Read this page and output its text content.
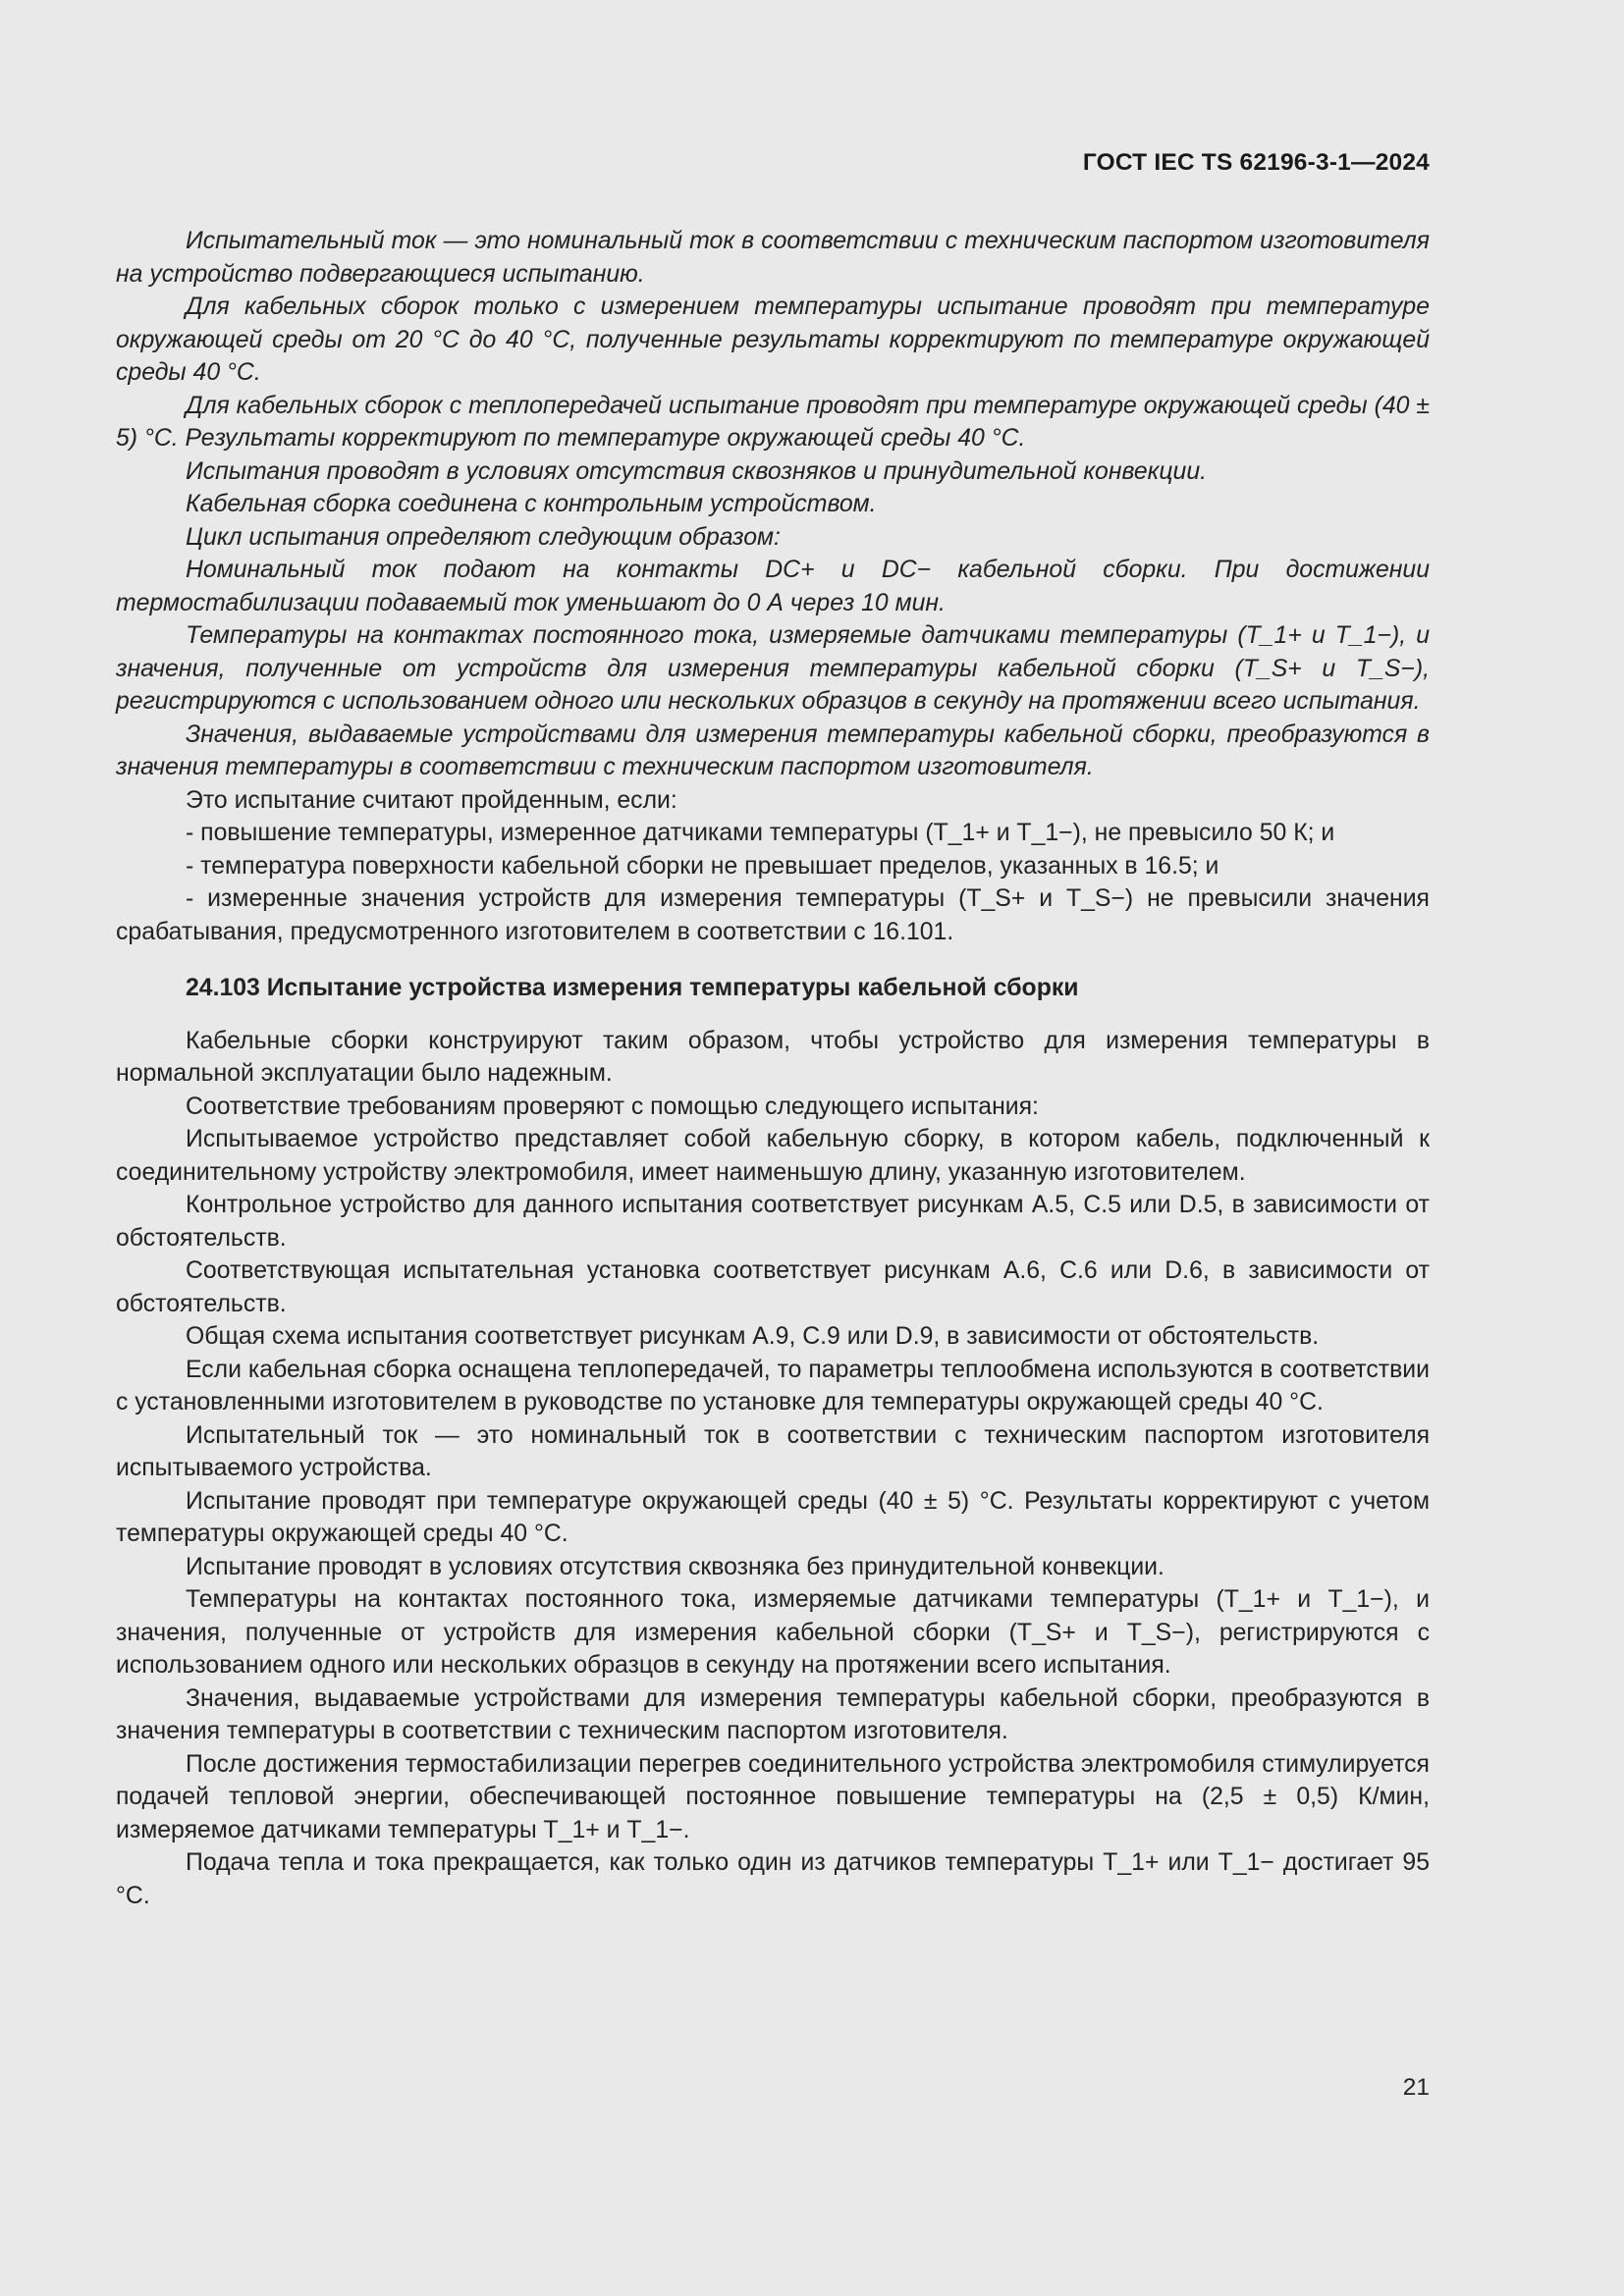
ГОСТ IEC TS 62196-3-1—2024

Испытательный ток — это номинальный ток в соответствии с техническим паспортом изготовителя на устройство подвергающиеся испытанию.

Для кабельных сборок только с измерением температуры испытание проводят при температуре окружающей среды от 20 °С до 40 °С, полученные результаты корректируют по температуре окружающей среды 40 °С.

Для кабельных сборок с теплопередачей испытание проводят при температуре окружающей среды (40 ± 5) °С. Результаты корректируют по температуре окружающей среды 40 °С.

Испытания проводят в условиях отсутствия сквозняков и принудительной конвекции.

Кабельная сборка соединена с контрольным устройством.

Цикл испытания определяют следующим образом:

Номинальный ток подают на контакты DC+ и DC− кабельной сборки. При достижении термостабилизации подаваемый ток уменьшают до 0 А через 10 мин.

Температуры на контактах постоянного тока, измеряемые датчиками температуры (T_1+ и T_1−), и значения, полученные от устройств для измерения температуры кабельной сборки (T_S+ и T_S−), регистрируются с использованием одного или нескольких образцов в секунду на протяжении всего испытания.

Значения, выдаваемые устройствами для измерения температуры кабельной сборки, преобразуются в значения температуры в соответствии с техническим паспортом изготовителя.

Это испытание считают пройденным, если:

- повышение температуры, измеренное датчиками температуры (T_1+ и T_1−), не превысило 50 К; и

- температура поверхности кабельной сборки не превышает пределов, указанных в 16.5; и

- измеренные значения устройств для измерения температуры (T_S+ и T_S−) не превысили значения срабатывания, предусмотренного изготовителем в соответствии с 16.101.

24.103 Испытание устройства измерения температуры кабельной сборки

Кабельные сборки конструируют таким образом, чтобы устройство для измерения температуры в нормальной эксплуатации было надежным.

Соответствие требованиям проверяют с помощью следующего испытания:

Испытываемое устройство представляет собой кабельную сборку, в котором кабель, подключенный к соединительному устройству электромобиля, имеет наименьшую длину, указанную изготовителем.

Контрольное устройство для данного испытания соответствует рисункам А.5, С.5 или D.5, в зависимости от обстоятельств.

Соответствующая испытательная установка соответствует рисункам А.6, С.6 или D.6, в зависимости от обстоятельств.

Общая схема испытания соответствует рисункам А.9, С.9 или D.9, в зависимости от обстоятельств.

Если кабельная сборка оснащена теплопередачей, то параметры теплообмена используются в соответствии с установленными изготовителем в руководстве по установке для температуры окружающей среды 40 °С.

Испытательный ток — это номинальный ток в соответствии с техническим паспортом изготовителя испытываемого устройства.

Испытание проводят при температуре окружающей среды (40 ± 5) °С. Результаты корректируют с учетом температуры окружающей среды 40 °С.

Испытание проводят в условиях отсутствия сквозняка без принудительной конвекции.

Температуры на контактах постоянного тока, измеряемые датчиками температуры (T_1+ и T_1−), и значения, полученные от устройств для измерения кабельной сборки (T_S+ и T_S−), регистрируются с использованием одного или нескольких образцов в секунду на протяжении всего испытания.

Значения, выдаваемые устройствами для измерения температуры кабельной сборки, преобразуются в значения температуры в соответствии с техническим паспортом изготовителя.

После достижения термостабилизации перегрев соединительного устройства электромобиля стимулируется подачей тепловой энергии, обеспечивающей постоянное повышение температуры на (2,5 ± 0,5) К/мин, измеряемое датчиками температуры T_1+ и T_1−.

Подача тепла и тока прекращается, как только один из датчиков температуры T_1+ или T_1− достигает 95 °С.

21
